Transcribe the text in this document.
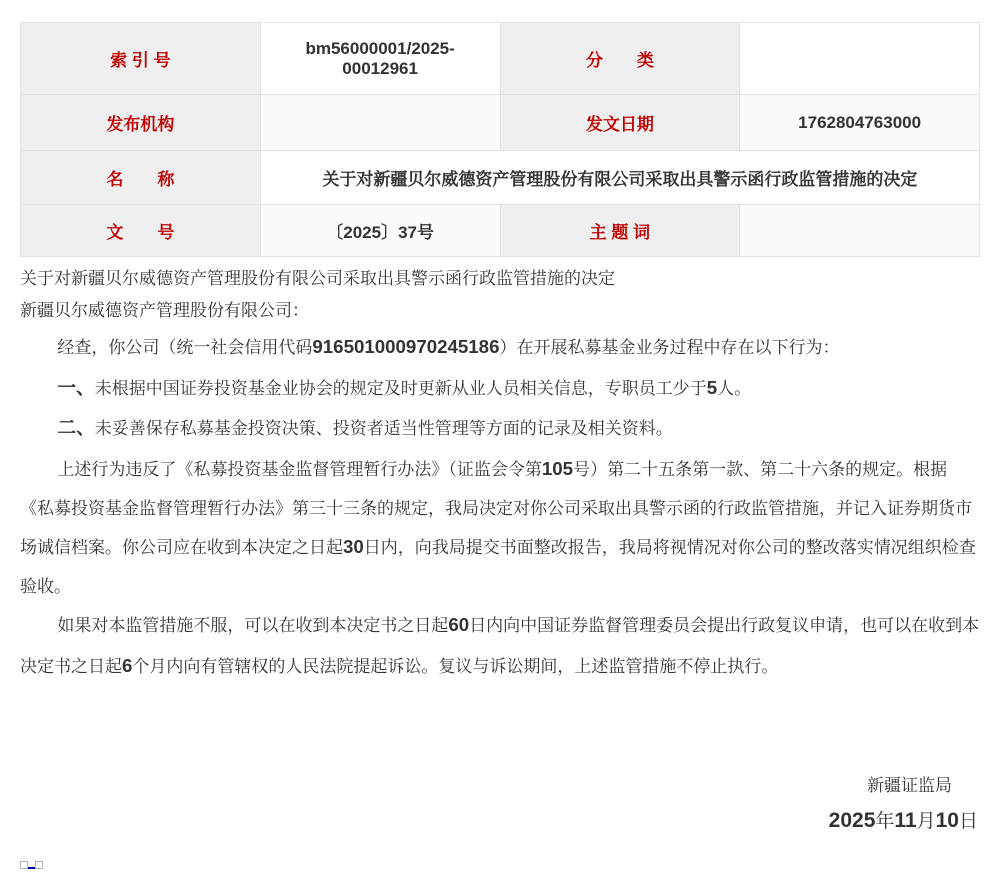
索 引 号	bm56000001/2025-00012961	分　　类	
发布机构		发文日期	1762804763000
名　　称	关于对新疆贝尔威德资产管理股份有限公司采取出具警示函行政监管措施的决定		
文　　号	〔2025〕37号	主 题 词	

关于对新疆贝尔威德资产管理股份有限公司采取出具警示函行政监管措施的决定

新疆贝尔威德资产管理股份有限公司：

经查，你公司（统一社会信用代码916501000970245186）在开展私募基金业务过程中存在以下行为：

一、未根据中国证券投资基金业协会的规定及时更新从业人员相关信息，专职员工少于5人。

二、未妥善保存私募基金投资决策、投资者适当性管理等方面的记录及相关资料。

上述行为违反了《私募投资基金监督管理暂行办法》（证监会令第105号）第二十五条第一款、第二十六条的规定。根据《私募投资基金监督管理暂行办法》第三十三条的规定，我局决定对你公司采取出具警示函的行政监管措施，并记入证券期货市场诚信档案。你公司应在收到本决定之日起30日内，向我局提交书面整改报告，我局将视情况对你公司的整改落实情况组织检查验收。

如果对本监管措施不服，可以在收到本决定书之日起60日内向中国证券监督管理委员会提出行政复议申请，也可以在收到本决定书之日起6个月内向有管辖权的人民法院提起诉讼。复议与诉讼期间，上述监管措施不停止执行。

新疆证监局

2025年11月10日
